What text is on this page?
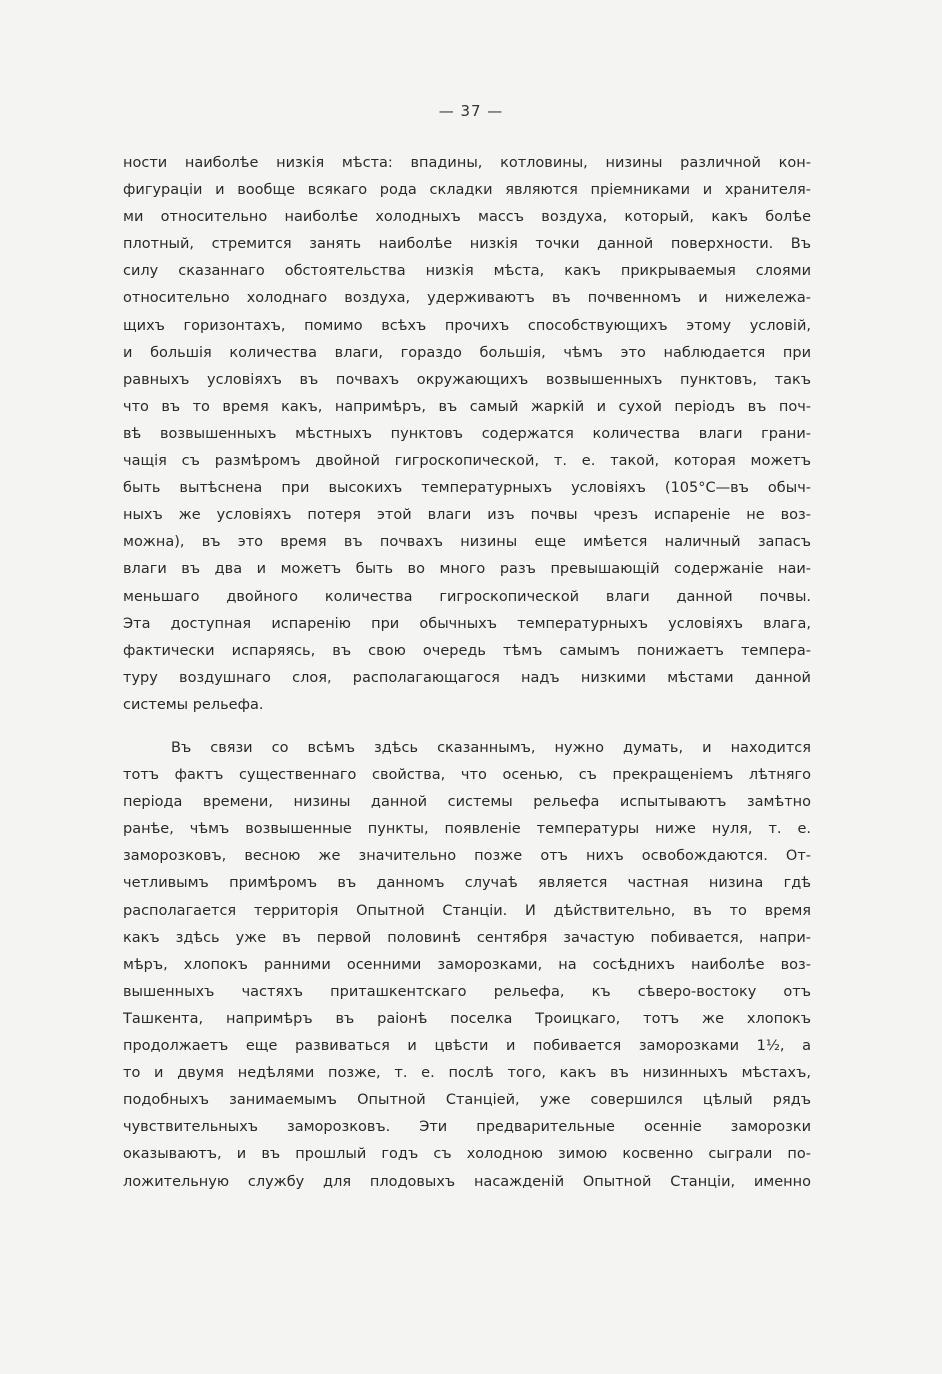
— 37 —
ности наиболѣе низкія мѣста: впадины, котловины, низины различной кон-
фигураціи и вообще всякаго рода складки являются пріемниками и хранителя-
ми относительно наиболѣе холодныхъ массъ воздуха, который, какъ болѣе
плотный, стремится занять наиболѣе низкія точки данной поверхности. Въ
силу сказаннаго обстоятельства низкія мѣста, какъ прикрываемыя слоями
относительно холоднаго воздуха, удерживаютъ въ почвенномъ и нижележа-
щихъ горизонтахъ, помимо всѣхъ прочихъ способствующихъ этому условій,
и большія количества влаги, гораздо большія, чѣмъ это наблюдается при
равныхъ условіяхъ въ почвахъ окружающихъ возвышенныхъ пунктовъ, такъ
что въ то время какъ, напримѣръ, въ самый жаркій и сухой періодъ въ поч-
вѣ возвышенныхъ мѣстныхъ пунктовъ содержатся количества влаги грани-
чащія съ размѣромъ двойной гигроскопической, т. е. такой, которая можетъ
быть вытѣснена при высокихъ температурныхъ условіяхъ (105°С—въ обыч-
ныхъ же условіяхъ потеря этой влаги изъ почвы чрезъ испареніе не воз-
можна), въ это время въ почвахъ низины еще имѣется наличный запасъ
влаги въ два и можетъ быть во много разъ превышающій содержаніе наи-
меньшаго двойного количества гигроскопической влаги данной почвы.
Эта доступная испаренію при обычныхъ температурныхъ условіяхъ влага,
фактически испаряясь, въ свою очередь тѣмъ самымъ понижаетъ темпера-
туру воздушнаго слоя, располагающагося надъ низкими мѣстами данной
системы рельефа.
Въ связи со всѣмъ здѣсь сказаннымъ, нужно думать, и находится
тотъ фактъ существеннаго свойства, что осенью, съ прекращеніемъ лѣтняго
періода времени, низины данной системы рельефа испытываютъ замѣтно
ранѣе, чѣмъ возвышенные пункты, появленіе температуры ниже нуля, т. е.
заморозковъ, весною же значительно позже отъ нихъ освобождаются. От-
четливымъ примѣромъ въ данномъ случаѣ является частная низина гдѣ
располагается территорія Опытной Станціи. И дѣйствительно, въ то время
какъ здѣсь уже въ первой половинѣ сентября зачастую побивается, напри-
мѣръ, хлопокъ ранними осенними заморозками, на сосѣднихъ наиболѣе воз-
вышенныхъ частяхъ приташкентскаго рельефа, къ сѣверо-востоку отъ
Ташкента, напримѣръ въ раіонѣ поселка Троицкаго, тотъ же хлопокъ
продолжаетъ еще развиваться и цвѣсти и побивается заморозками 1½, а
то и двумя недѣлями позже, т. е. послѣ того, какъ въ низинныхъ мѣстахъ,
подобныхъ занимаемымъ Опытной Станціей, уже совершился цѣлый рядъ
чувствительныхъ заморозковъ. Эти предварительные осенніе заморозки
оказываютъ, и въ прошлый годъ съ холодною зимою косвенно сыграли по-
ложительную службу для плодовыхъ насажденій Опытной Станціи, именно
